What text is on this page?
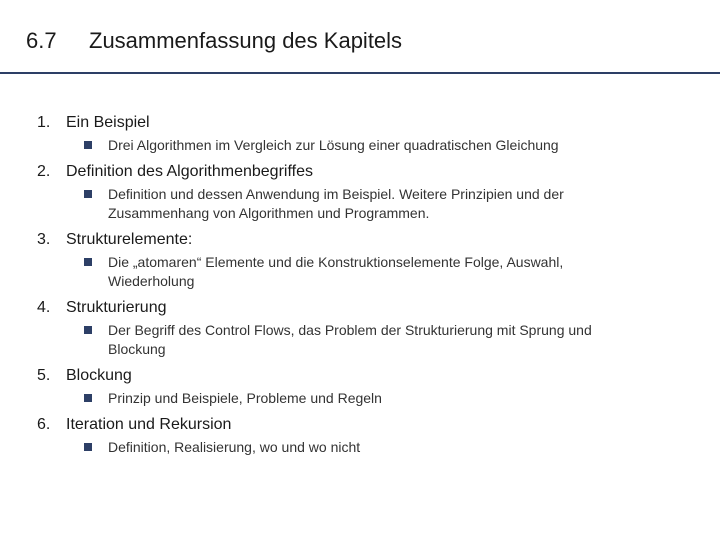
6.7 Zusammenfassung des Kapitels
1. Ein Beispiel
Drei Algorithmen im Vergleich zur Lösung einer quadratischen Gleichung
2. Definition des Algorithmenbegriffes
Definition und dessen Anwendung im Beispiel. Weitere Prinzipien und der Zusammenhang von Algorithmen und Programmen.
3. Strukturelemente:
Die „atomaren“ Elemente und die Konstruktionselemente Folge, Auswahl, Wiederholung
4. Strukturierung
Der Begriff des Control Flows, das Problem der Strukturierung mit Sprung und Blockung
5. Blockung
Prinzip und Beispiele, Probleme und Regeln
6. Iteration und Rekursion
Definition, Realisierung, wo und wo nicht
